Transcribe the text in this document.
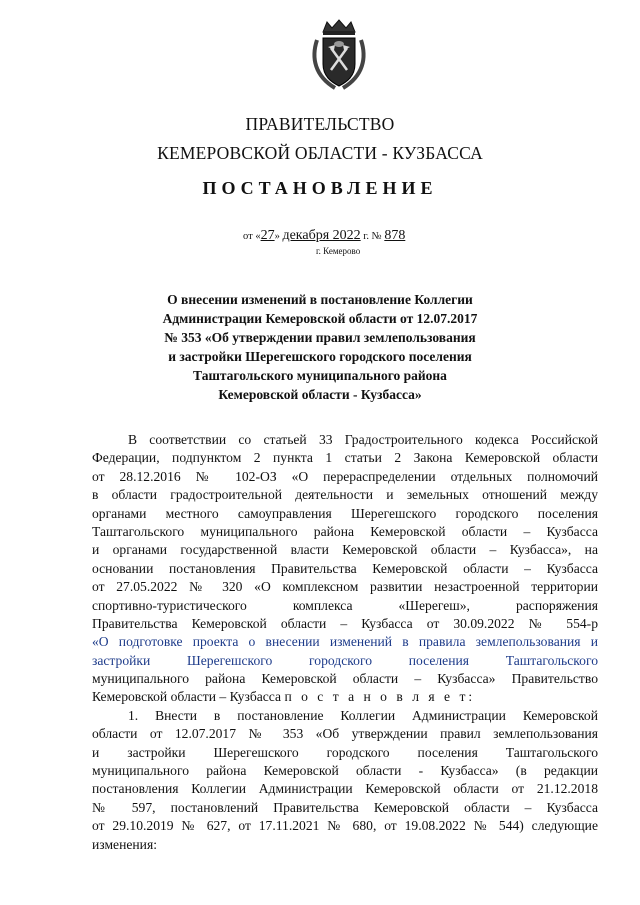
ПРАВИТЕЛЬСТВО
КЕМЕРОВСКОЙ ОБЛАСТИ - КУЗБАССА
ПОСТАНОВЛЕНИЕ
от «27» декабря 2022 г. № 878
г. Кемерово
О внесении изменений в постановление Коллегии
Администрации Кемеровской области от 12.07.2017
№ 353 «Об утверждении правил землепользования
и застройки Шерегешского городского поселения
Таштагольского муниципального района
Кемеровской области - Кузбасса»
В соответствии со статьей 33 Градостроительного кодекса Российской
Федерации, подпунктом 2 пункта 1 статьи 2 Закона Кемеровской области
от 28.12.2016 № 102-ОЗ «О перераспределении отдельных полномочий
в области градостроительной деятельности и земельных отношений между
органами местного самоуправления Шерегешского городского поселения
Таштагольского муниципального района Кемеровской области – Кузбасса
и органами государственной власти Кемеровской области – Кузбасса», на
основании постановления Правительства Кемеровской области – Кузбасса
от 27.05.2022 № 320 «О комплексном развитии незастроенной территории
спортивно-туристического комплекса «Шерегеш», распоряжения
Правительства Кемеровской области – Кузбасса от 30.09.2022 № 554-р
«О подготовке проекта о внесении изменений в правила землепользования и
застройки Шерегешского городского поселения Таштагольского
муниципального района Кемеровской области – Кузбасса» Правительство
Кемеровской области – Кузбасса п о с т а н о в л я е т:
1. Внести в постановление Коллегии Администрации Кемеровской
области от 12.07.2017 № 353 «Об утверждении правил землепользования
и застройки Шерегешского городского поселения Таштагольского
муниципального района Кемеровской области - Кузбасса» (в редакции
постановления Коллегии Администрации Кемеровской области от 21.12.2018
№ 597, постановлений Правительства Кемеровской области – Кузбасса
от 29.10.2019 № 627, от 17.11.2021 № 680, от 19.08.2022 № 544) следующие
изменения:
